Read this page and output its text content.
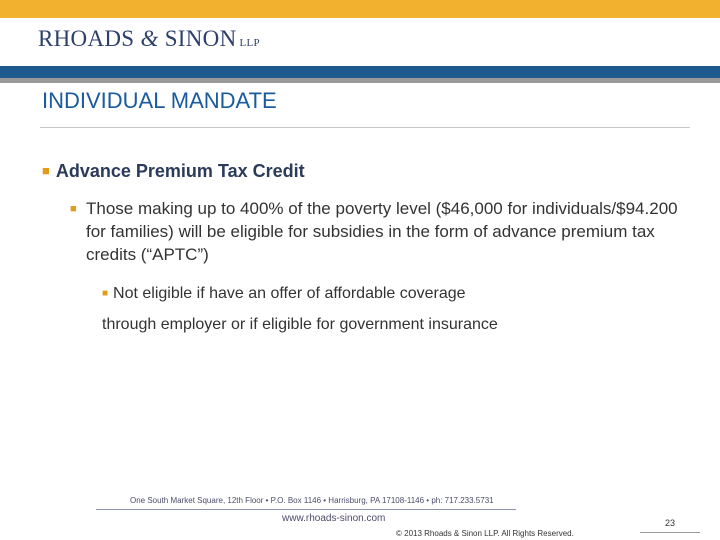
RHOADS & SINON LLP
INDIVIDUAL MANDATE
■ Advance Premium Tax Credit
■ Those making up to 400% of the poverty level ($46,000 for individuals/$94.200 for families) will be eligible for subsidies in the form of advance premium tax credits (“APTC”)
■ Not eligible if have an offer of affordable coverage
through employer or if eligible for government insurance
One South Market Square, 12th Floor • P.O. Box 1146 • Harrisburg, PA 17108-1146 • ph: 717.233.5731
www.rhoads-sinon.com
© 2013 Rhoads & Sinon LLP. All Rights Reserved.
23
